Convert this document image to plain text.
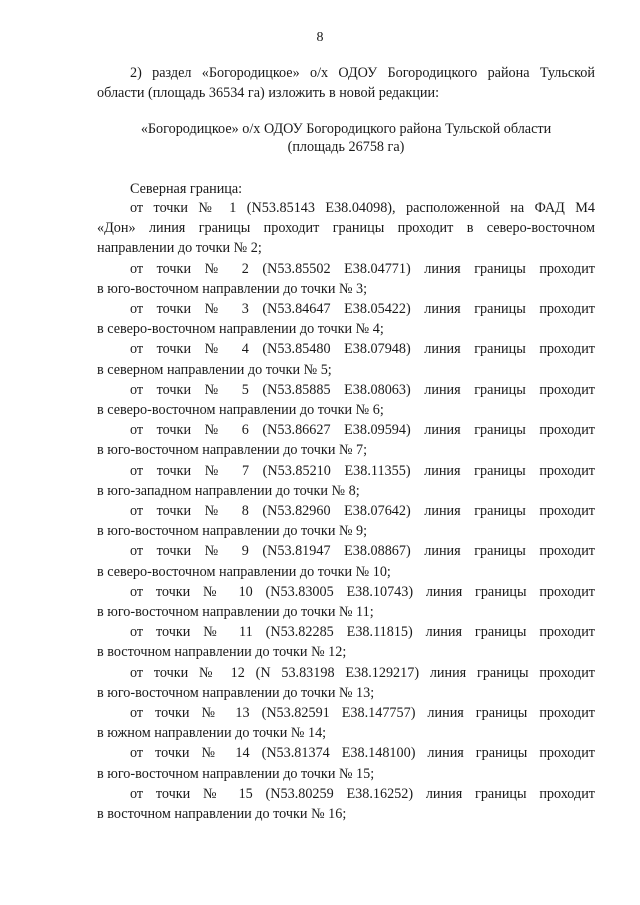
8
2) раздел «Богородицкое» о/х ОДОУ Богородицкого района Тульской
области (площадь 36534 га) изложить в новой редакции:
«Богородицкое» о/х ОДОУ Богородицкого района Тульской области
(площадь 26758 га)
Северная граница:
от точки № 1 (N53.85143 E38.04098), расположенной на ФАД М4
«Дон» линия границы проходит границы проходит в северо-восточном
направлении до точки № 2;
от точки № 2 (N53.85502 E38.04771) линия границы проходит
в юго-восточном направлении до точки № 3;
от точки № 3 (N53.84647 E38.05422) линия границы проходит
в северо-восточном направлении до точки № 4;
от точки № 4 (N53.85480 E38.07948) линия границы проходит
в северном направлении до точки № 5;
от точки № 5 (N53.85885 E38.08063) линия границы проходит
в северо-восточном направлении до точки № 6;
от точки № 6 (N53.86627 E38.09594) линия границы проходит
в юго-восточном направлении до точки № 7;
от точки № 7 (N53.85210 E38.11355) линия границы проходит
в юго-западном направлении до точки № 8;
от точки № 8 (N53.82960 E38.07642) линия границы проходит
в юго-восточном направлении до точки № 9;
от точки № 9 (N53.81947 E38.08867) линия границы проходит
в северо-восточном направлении до точки № 10;
от точки № 10 (N53.83005 E38.10743) линия границы проходит
в юго-восточном направлении до точки № 11;
от точки № 11 (N53.82285 E38.11815) линия границы проходит
в восточном направлении до точки № 12;
от точки № 12 (N 53.83198 E38.129217) линия границы проходит
в юго-восточном направлении до точки № 13;
от точки № 13 (N53.82591 E38.147757) линия границы проходит
в южном направлении до точки № 14;
от точки № 14 (N53.81374 E38.148100) линия границы проходит
в юго-восточном направлении до точки № 15;
от точки № 15 (N53.80259 E38.16252) линия границы проходит
в восточном направлении до точки № 16;
